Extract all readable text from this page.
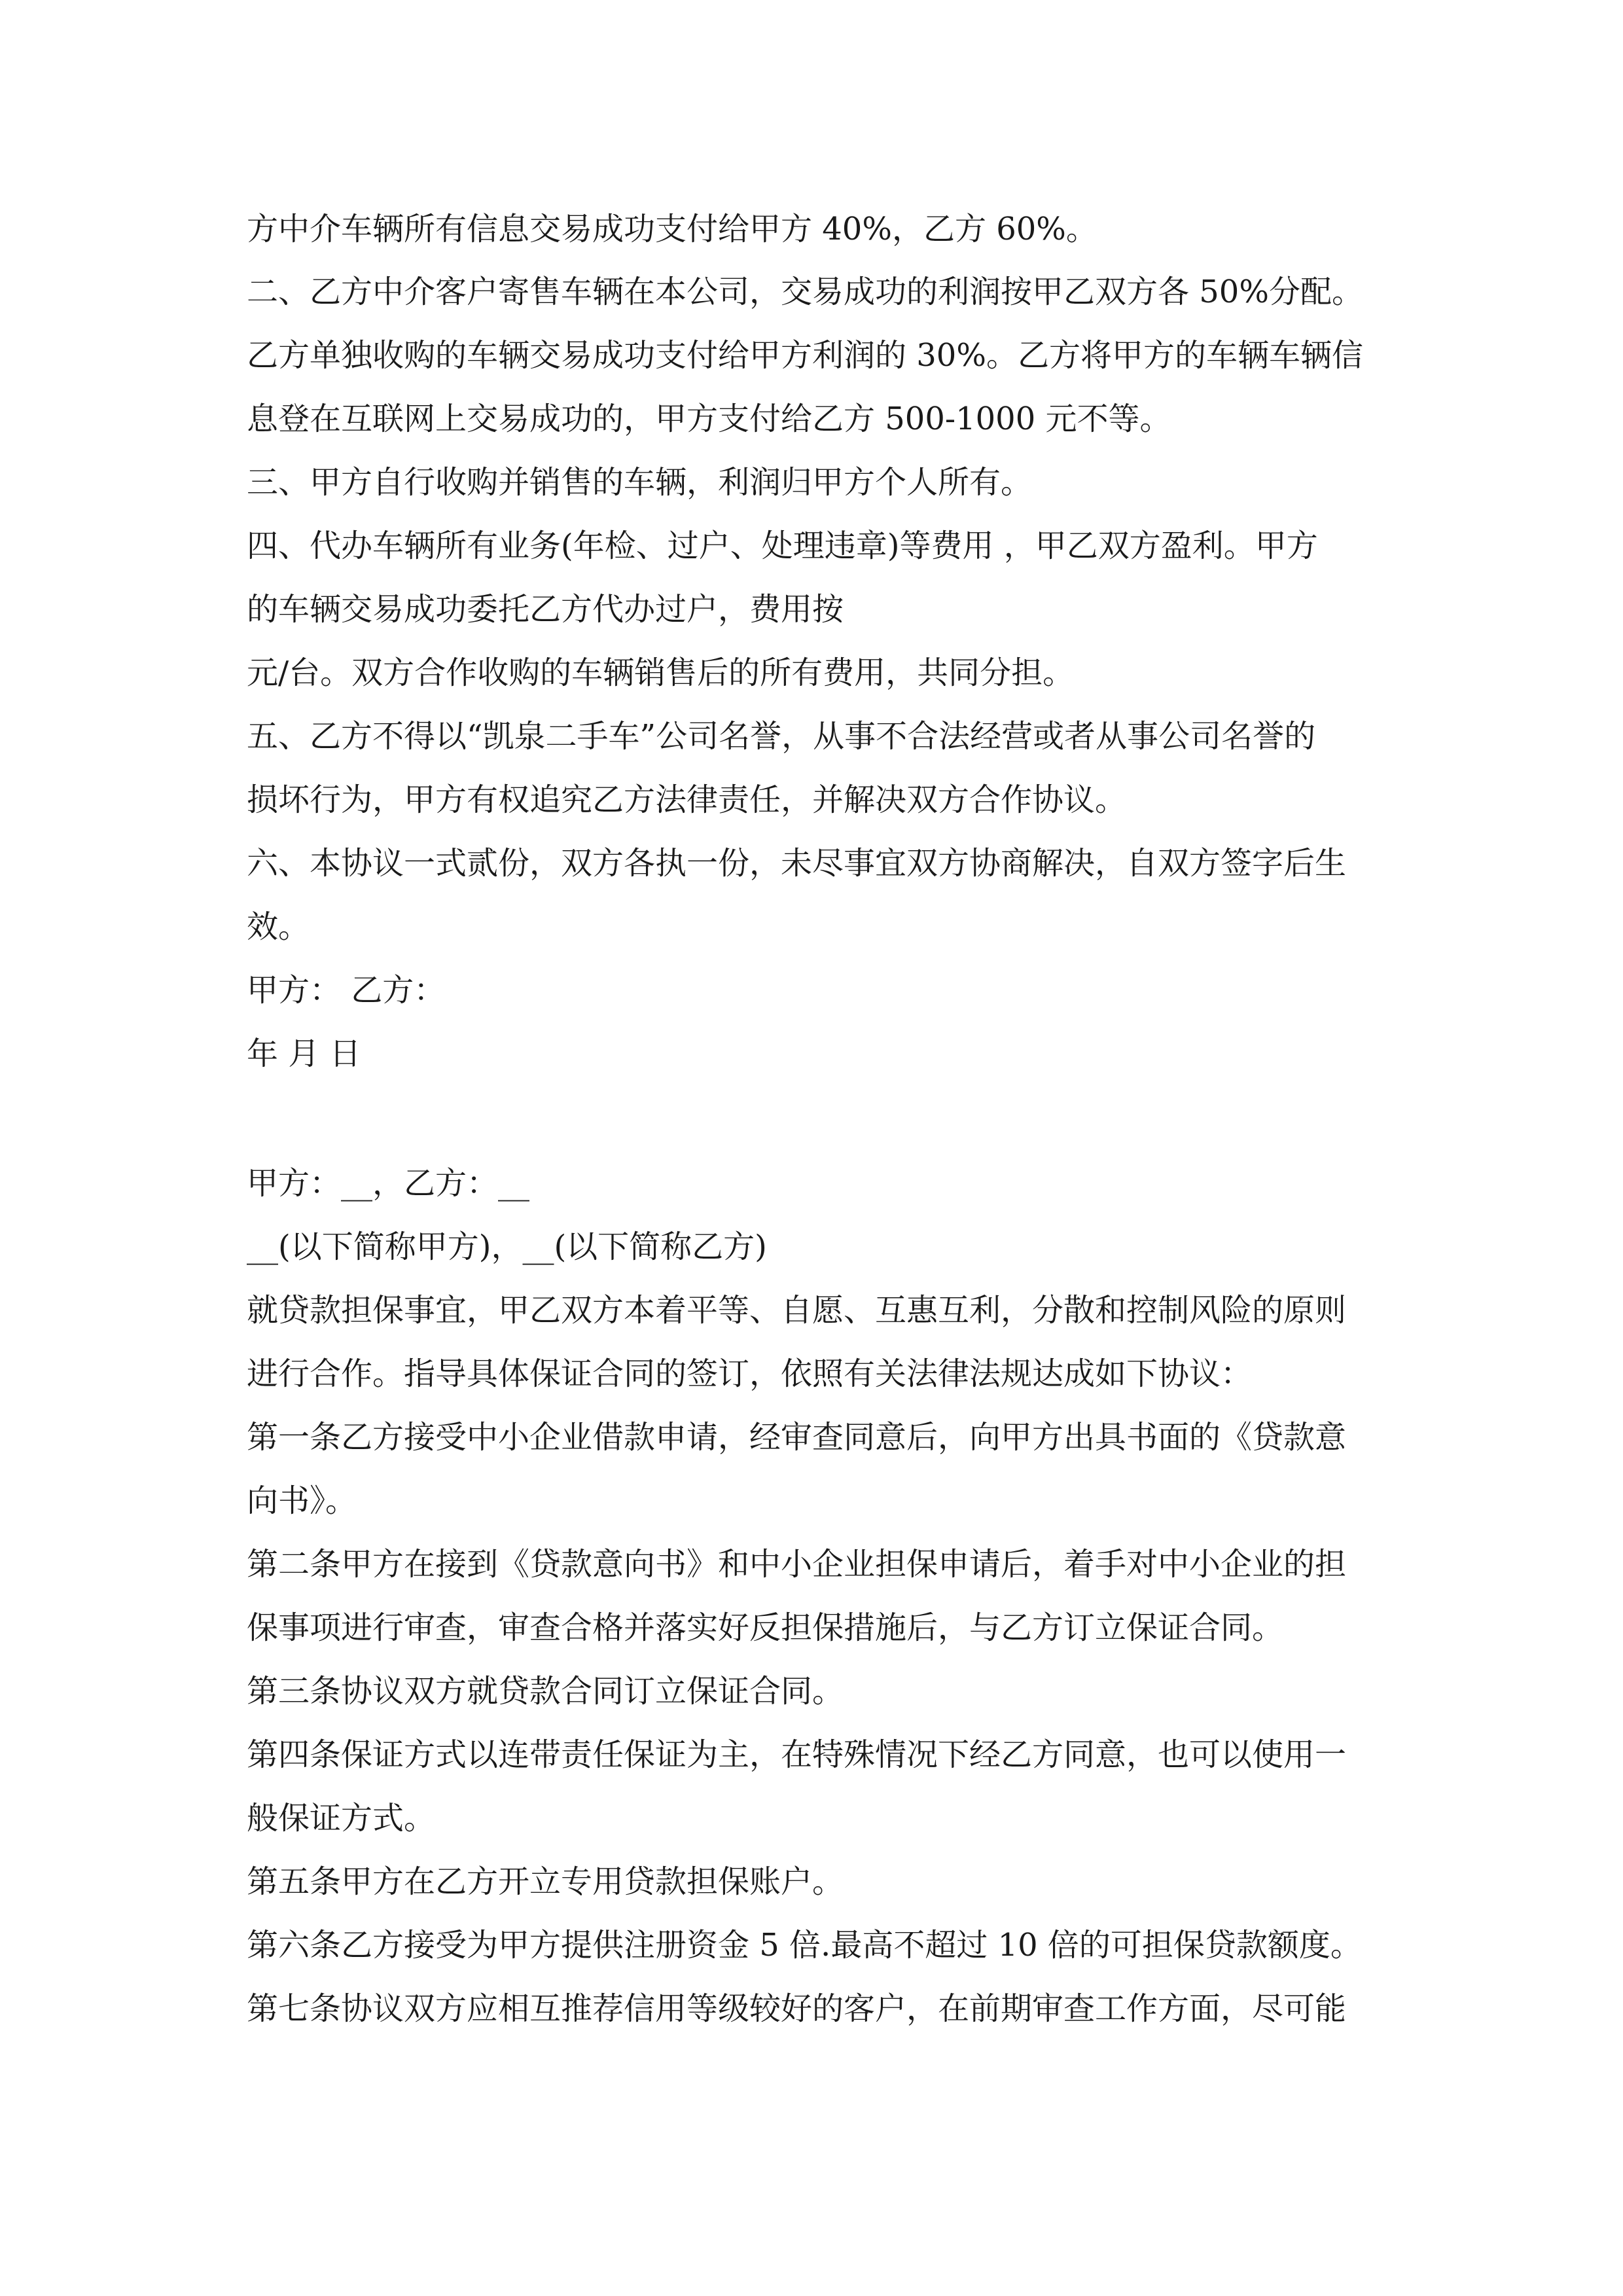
方中介车辆所有信息交易成功支付给甲方 40%，乙方 60%。
二、乙方中介客户寄售车辆在本公司，交易成功的利润按甲乙双方各 50%分配。
乙方单独收购的车辆交易成功支付给甲方利润的 30%。乙方将甲方的车辆车辆信
息登在互联网上交易成功的，甲方支付给乙方 500-1000 元不等。
三、甲方自行收购并销售的车辆，利润归甲方个人所有。
四、代办车辆所有业务(年检、过户、处理违章)等费用 ，甲乙双方盈利。甲方
的车辆交易成功委托乙方代办过户，费用按
元/台。双方合作收购的车辆销售后的所有费用，共同分担。
五、乙方不得以“凯泉二手车”公司名誉，从事不合法经营或者从事公司名誉的
损坏行为，甲方有权追究乙方法律责任，并解决双方合作协议。
六、本协议一式贰份，双方各执一份，未尽事宜双方协商解决，自双方签字后生
效。
甲方： 乙方：
年 月 日
甲方：__，乙方：__
__(以下简称甲方)，__(以下简称乙方)
就贷款担保事宜，甲乙双方本着平等、自愿、互惠互利，分散和控制风险的原则
进行合作。指导具体保证合同的签订，依照有关法律法规达成如下协议：
第一条乙方接受中小企业借款申请，经审查同意后，向甲方出具书面的《贷款意
向书》。
第二条甲方在接到《贷款意向书》和中小企业担保申请后，着手对中小企业的担
保事项进行审查，审查合格并落实好反担保措施后，与乙方订立保证合同。
第三条协议双方就贷款合同订立保证合同。
第四条保证方式以连带责任保证为主，在特殊情况下经乙方同意，也可以使用一
般保证方式。
第五条甲方在乙方开立专用贷款担保账户。
第六条乙方接受为甲方提供注册资金 5 倍.最高不超过 10 倍的可担保贷款额度。
第七条协议双方应相互推荐信用等级较好的客户，在前期审查工作方面，尽可能
